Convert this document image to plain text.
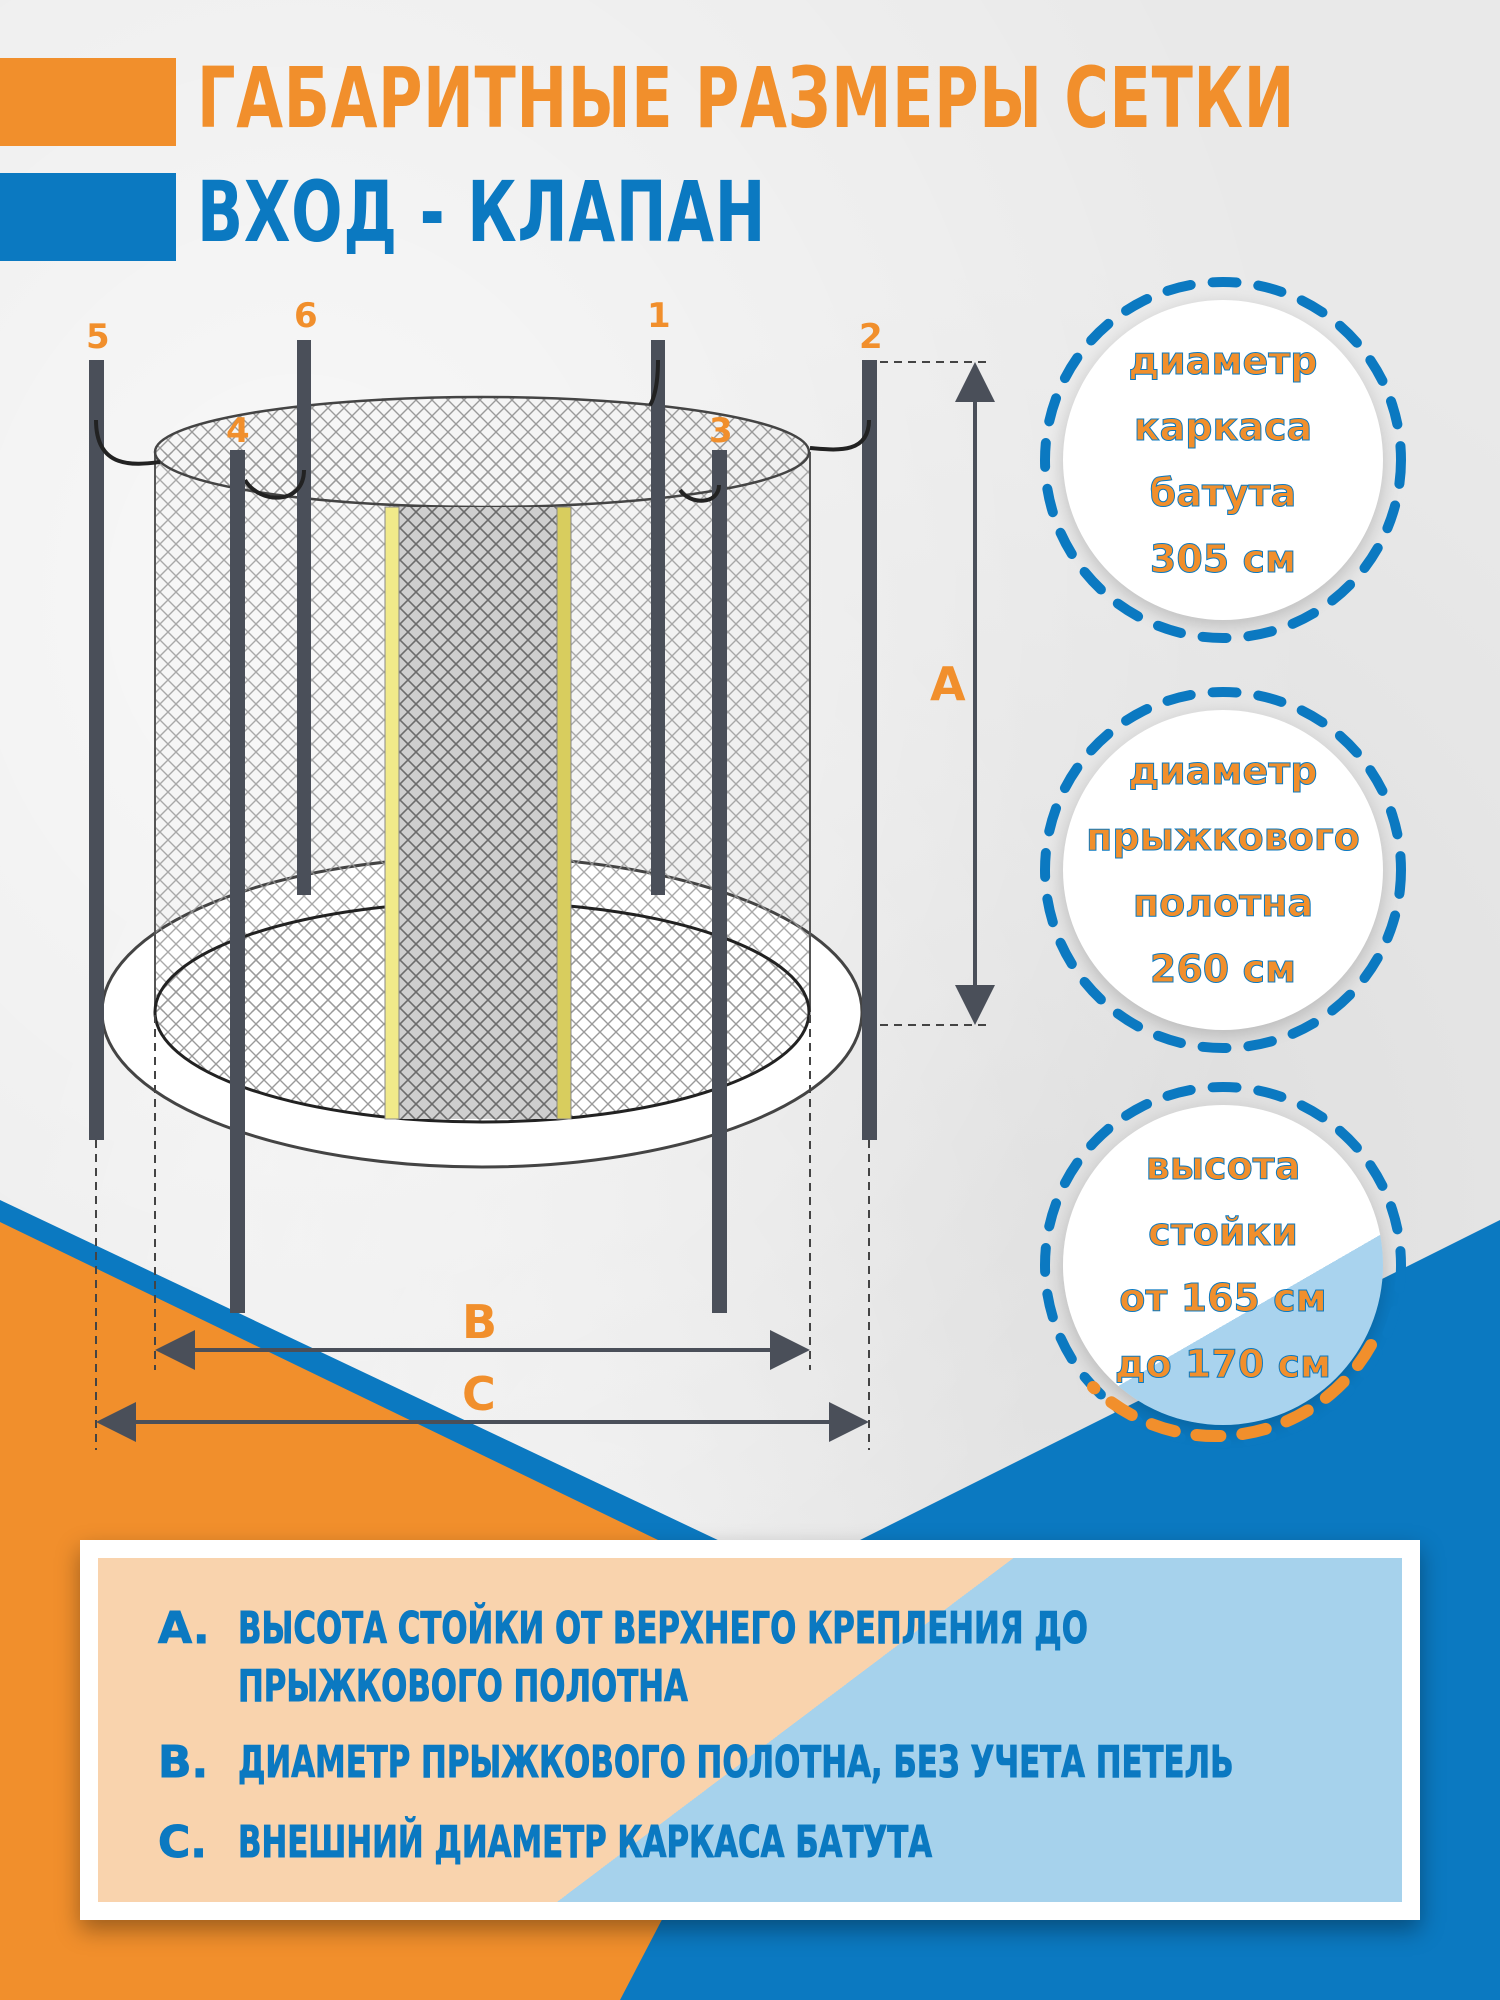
ГАБАРИТНЫЕ РАЗМЕРЫ СЕТКИ
ВХОД - КЛАПАН
5
6
4
1
3
2
A
B
C

диаметр

каркаса

батута

305 см

диаметр

прыжкового

полотна

260 см

высота

стойки

от 165 см

до 170 см

A. ВЫСОТА СТОЙКИ ОТ ВЕРХНЕГО КРЕПЛЕНИЯ ДО ПРЫЖКОВОГО ПОЛОТНА
B. ДИАМЕТР ПРЫЖКОВОГО ПОЛОТНА, БЕЗ УЧЕТА ПЕТЕЛЬ
C. ВНЕШНИЙ ДИАМЕТР КАРКАСА БАТУТА
